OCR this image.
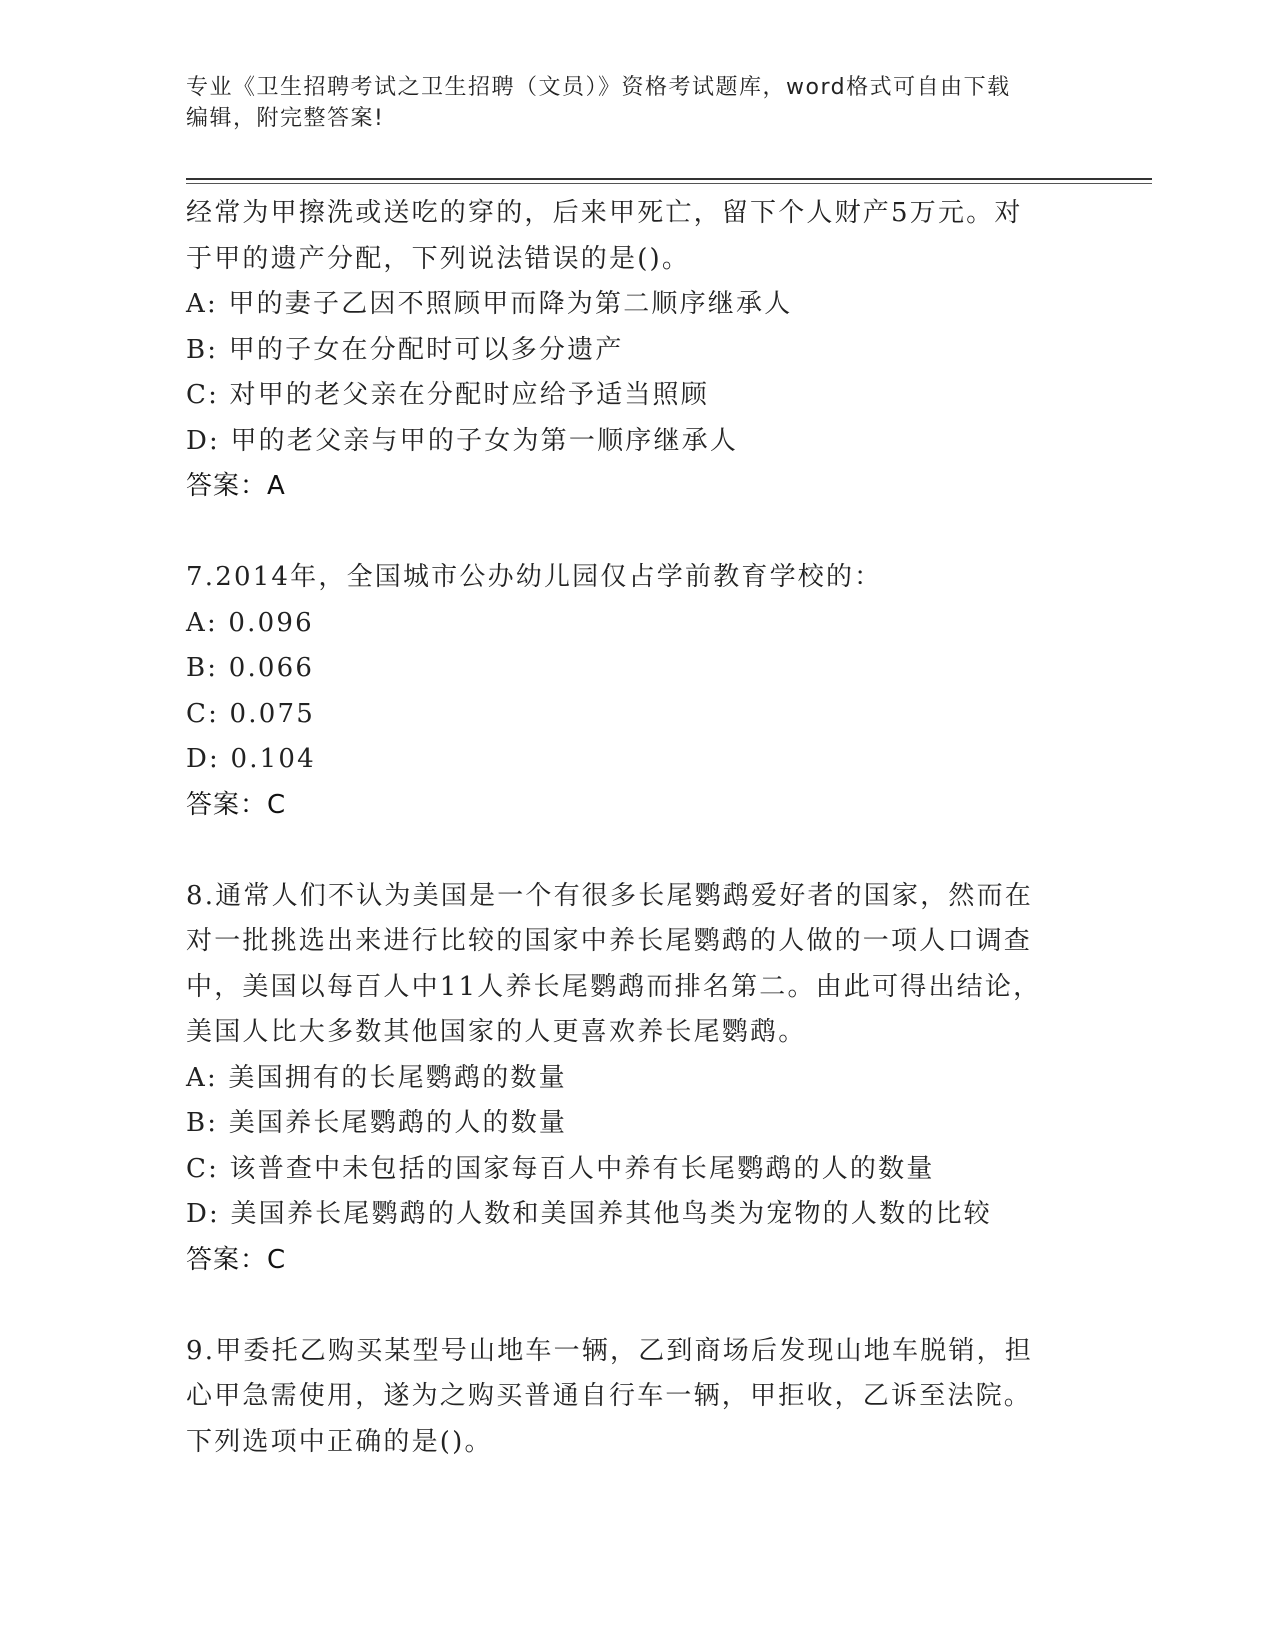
专业《卫生招聘考试之卫生招聘（文员）》资格考试题库，word格式可自由下载
编辑，附完整答案!
经常为甲擦洗或送吃的穿的，后来甲死亡，留下个人财产5万元。对
于甲的遗产分配，下列说法错误的是()。
A: 甲的妻子乙因不照顾甲而降为第二顺序继承人
B: 甲的子女在分配时可以多分遗产
C: 对甲的老父亲在分配时应给予适当照顾
D: 甲的老父亲与甲的子女为第一顺序继承人
答案：A
7.2014年，全国城市公办幼儿园仅占学前教育学校的：
A: 0.096
B: 0.066
C: 0.075
D: 0.104
答案：C
8.通常人们不认为美国是一个有很多长尾鹦鹉爱好者的国家，然而在
对一批挑选出来进行比较的国家中养长尾鹦鹉的人做的一项人口调查
中，美国以每百人中11人养长尾鹦鹉而排名第二。由此可得出结论，
美国人比大多数其他国家的人更喜欢养长尾鹦鹉。
A: 美国拥有的长尾鹦鹉的数量
B: 美国养长尾鹦鹉的人的数量
C: 该普查中未包括的国家每百人中养有长尾鹦鹉的人的数量
D: 美国养长尾鹦鹉的人数和美国养其他鸟类为宠物的人数的比较
答案：C
9.甲委托乙购买某型号山地车一辆，乙到商场后发现山地车脱销，担
心甲急需使用，遂为之购买普通自行车一辆，甲拒收，乙诉至法院。
下列选项中正确的是()。
